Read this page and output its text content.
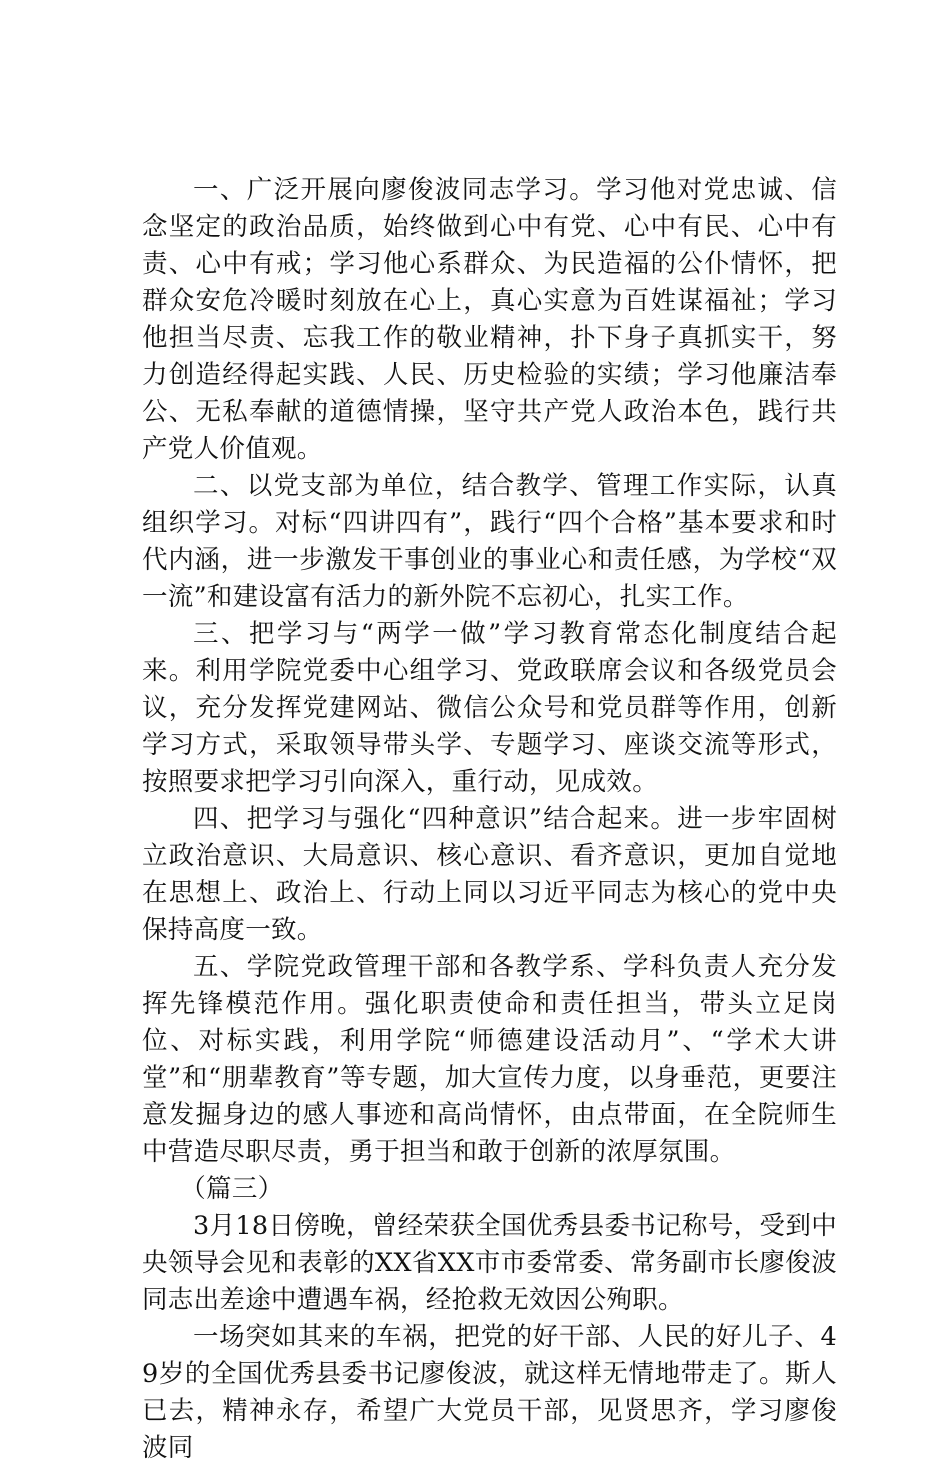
一、广泛开展向廖俊波同志学习。学习他对党忠诚、信念坚定的政治品质，始终做到心中有党、心中有民、心中有责、心中有戒；学习他心系群众、为民造福的公仆情怀，把群众安危冷暖时刻放在心上，真心实意为百姓谋福祉；学习他担当尽责、忘我工作的敬业精神，扑下身子真抓实干，努力创造经得起实践、人民、历史检验的实绩；学习他廉洁奉公、无私奉献的道德情操，坚守共产党人政治本色，践行共产党人价值观。

二、以党支部为单位，结合教学、管理工作实际，认真组织学习。对标“四讲四有”，践行“四个合格”基本要求和时代内涵，进一步激发干事创业的事业心和责任感，为学校“双一流”和建设富有活力的新外院不忘初心，扎实工作。

三、把学习与“两学一做”学习教育常态化制度结合起来。利用学院党委中心组学习、党政联席会议和各级党员会议，充分发挥党建网站、微信公众号和党员群等作用，创新学习方式，采取领导带头学、专题学习、座谈交流等形式，按照要求把学习引向深入，重行动，见成效。

四、把学习与强化“四种意识”结合起来。进一步牢固树立政治意识、大局意识、核心意识、看齐意识，更加自觉地在思想上、政治上、行动上同以习近平同志为核心的党中央保持高度一致。

五、学院党政管理干部和各教学系、学科负责人充分发挥先锋模范作用。强化职责使命和责任担当，带头立足岗位、对标实践，利用学院“师德建设活动月”、“学术大讲堂”和“朋辈教育”等专题，加大宣传力度，以身垂范，更要注意发掘身边的感人事迹和高尚情怀，由点带面，在全院师生中营造尽职尽责，勇于担当和敢于创新的浓厚氛围。

（篇三）

3月18日傍晚，曾经荣获全国优秀县委书记称号，受到中央领导会见和表彰的XX省XX市市委常委、常务副市长廖俊波同志出差途中遭遇车祸，经抢救无效因公殉职。

一场突如其来的车祸，把党的好干部、人民的好儿子、49岁的全国优秀县委书记廖俊波，就这样无情地带走了。斯人已去，精神永存，希望广大党员干部，见贤思齐，学习廖俊波同
